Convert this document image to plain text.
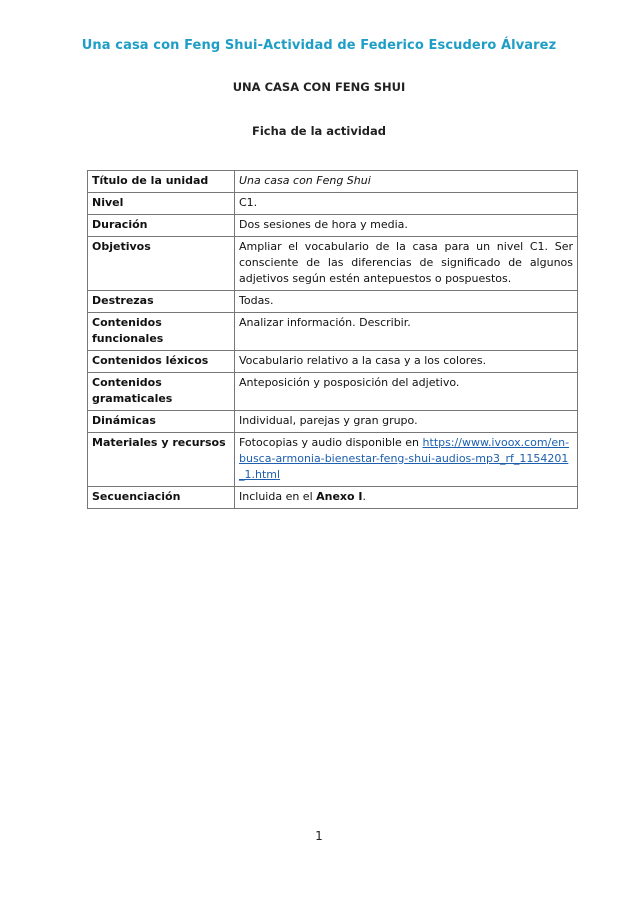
Una casa con Feng Shui-Actividad de Federico Escudero Álvarez
UNA CASA CON FENG SHUI
Ficha de la actividad
Título de la unidad	Una casa con Feng Shui
Nivel	C1.
Duración	Dos sesiones de hora y media.
Objetivos	Ampliar el vocabulario de la casa para un nivel C1. Ser consciente de las diferencias de significado de algunos adjetivos según estén antepuestos o pospuestos.
Destrezas	Todas.
Contenidos funcionales	Analizar información. Describir.
Contenidos léxicos	Vocabulario relativo a la casa y a los colores.
Contenidos gramaticales	Anteposición y posposición del adjetivo.
Dinámicas	Individual, parejas y gran grupo.
Materiales y recursos	Fotocopias y audio disponible en https://www.ivoox.com/en-busca-armonia-bienestar-feng-shui-audios-mp3_rf_1154201_1.html
Secuenciación	Incluida en el Anexo I.
1
